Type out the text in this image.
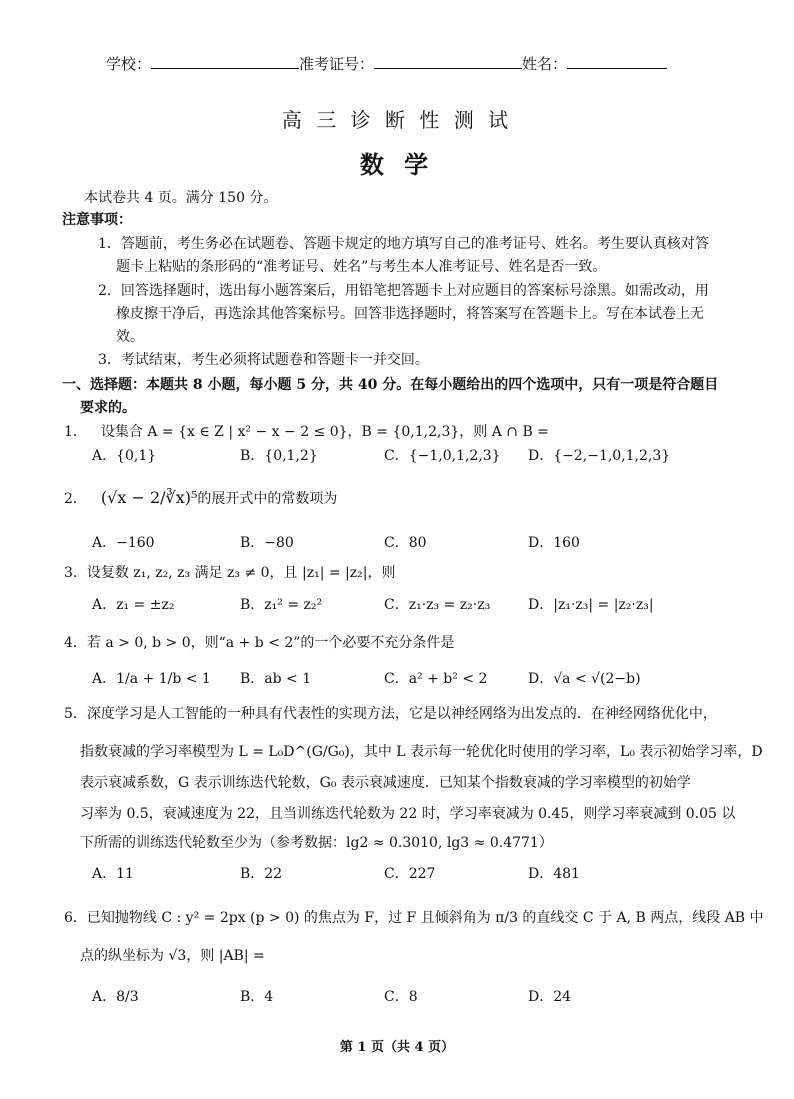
学校：	准考证号：	姓名：
高 三 诊 断 性 测 试
数 学
本试卷共 4 页。满分 150 分。
注意事项：
1．答题前，考生务必在试题卷、答题卡规定的地方填写自己的准考证号、姓名。考生要认真核对答
题卡上粘贴的条形码的“准考证号、姓名”与考生本人准考证号、姓名是否一致。
2．回答选择题时，选出每小题答案后，用铅笔把答题卡上对应题目的答案标号涂黑。如需改动，用
橡皮擦干净后，再选涂其他答案标号。回答非选择题时，将答案写在答题卡上。写在本试卷上无
效。
3．考试结束，考生必须将试题卷和答题卡一并交回。
一、选择题：本题共 8 小题，每小题 5 分，共 40 分。在每小题给出的四个选项中，只有一项是符合题目
要求的。
1． 设集合 A = {x ∈ Z | x² − x − 2 ≤ 0}，B = {0,1,2,3}，则 A ∩ B =
A．{0,1}	B．{0,1,2}	C．{−1,0,1,2,3} D．{−2,−1,0,1,2,3}
2． (√x − 2/∛x)⁵的展开式中的常数项为
A．−160	B．−80	C．80	D．160
3．设复数 z₁, z₂, z₃ 满足 z₃ ≠ 0，且 |z₁| = |z₂|，则
A．z₁ = ±z₂	B．z₁² = z₂²	C．z₁·z₃ = z₂·z₃	D．|z₁·z₃| = |z₂·z₃|
4．若 a > 0, b > 0，则“a + b < 2”的一个必要不充分条件是
A．1/a + 1/b < 1 B．ab < 1	C．a² + b² < 2	D．√a < √(2−b)
5．深度学习是人工智能的一种具有代表性的实现方法，它是以神经网络为出发点的．在神经网络优化中，
指数衰减的学习率模型为 L = L₀D^(G/G₀)，其中 L 表示每一轮优化时使用的学习率，L₀ 表示初始学习率，D
表示衰减系数，G 表示训练迭代轮数，G₀ 表示衰减速度．已知某个指数衰减的学习率模型的初始学
习率为 0.5，衰减速度为 22，且当训练迭代轮数为 22 时，学习率衰减为 0.45，则学习率衰减到 0.05 以
下所需的训练迭代轮数至少为（参考数据：lg2 ≈ 0.3010, lg3 ≈ 0.4771）
A．11	B．22	C．227	D．481
6．已知抛物线 C : y² = 2px (p > 0) 的焦点为 F，过 F 且倾斜角为 π/3 的直线交 C 于 A, B 两点，线段 AB 中
点的纵坐标为 √3，则 |AB| =
A．8/3	B．4	C．8	D．24
第 1 页（共 4 页）
